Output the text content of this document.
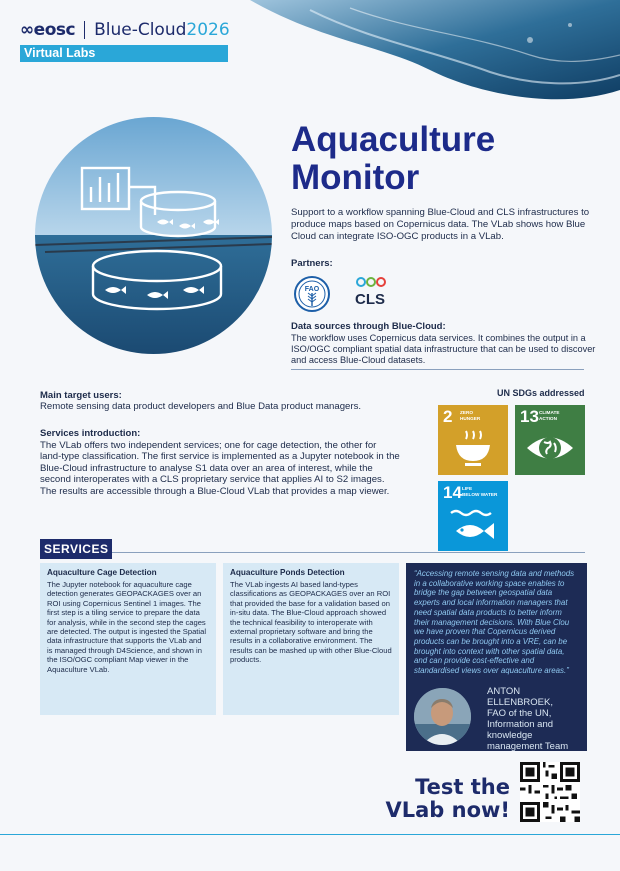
∞eosc Blue-Cloud2026
Virtual Labs
Aquaculture
Monitor
Support to a workflow spanning Blue-Cloud and CLS infrastructures to produce maps based on Copernicus data. The VLab shows how Blue Cloud can integrate ISO-OGC products in a VLab.
Partners:
FAO
CLS
Data sources through Blue-Cloud:
The workflow uses Copernicus data services. It combines the output in a ISO/OGC compliant spatial data infrastructure that can be used to discover and access Blue-Cloud datasets.
Main target users:
Remote sensing data product developers and Blue Data product managers.
Services introduction:
The VLab offers two independent services; one for cage detection, the other for land-type classification. The first service is implemented as a Jupyter notebook in the Blue-Cloud infrastructure to analyse S1 data over an area of interest, while the second interoperates with a CLS proprietary service that applies AI to S2 images. The results are accessible through a Blue-Cloud VLab that provides a map viewer.
UN SDGs addressed
2 ZERO
HUNGER 13 CLIMATE
ACTION
14 LIFE
BELOW WATER
SERVICES
Aquaculture Cage Detection
The Jupyter notebook for aquaculture cage detection generates GEOPACKAGES over an ROI using Copernicus Sentinel 1 images. The first step is a tiling service to prepare the data for analysis, while in the second step the cages are detected. The output is ingested the Spatial data infrastructure that supports the VLab and is managed through D4Science, and shown in the ISO/OGC compliant Map viewer in the Aquaculture VLab.
Aquaculture Ponds Detection
The VLab ingests AI based land-types classifications as GEOPACKAGES over an ROI that provided the base for a validation based on in-situ data. The Blue-Cloud approach showed the technical feasibility to interoperate with external proprietary software and bring the results in a collaborative environment. The results can be mashed up with other Blue-Cloud products.
“Accessing remote sensing data and methods in a collaborative working space enables to bridge the gap between geospatial data experts and local information managers that need spatial data products to better inform their management decisions. With Blue Clou we have proven that Copernicus derived products can be brought into a VRE, can be brought into context with other spatial data, and can provide cost-effective and standardised views over aquaculture areas.”
ANTON ELLENBROEK,
FAO of the UN,
Information and
knowledge
management Team
Test the
VLab now!
